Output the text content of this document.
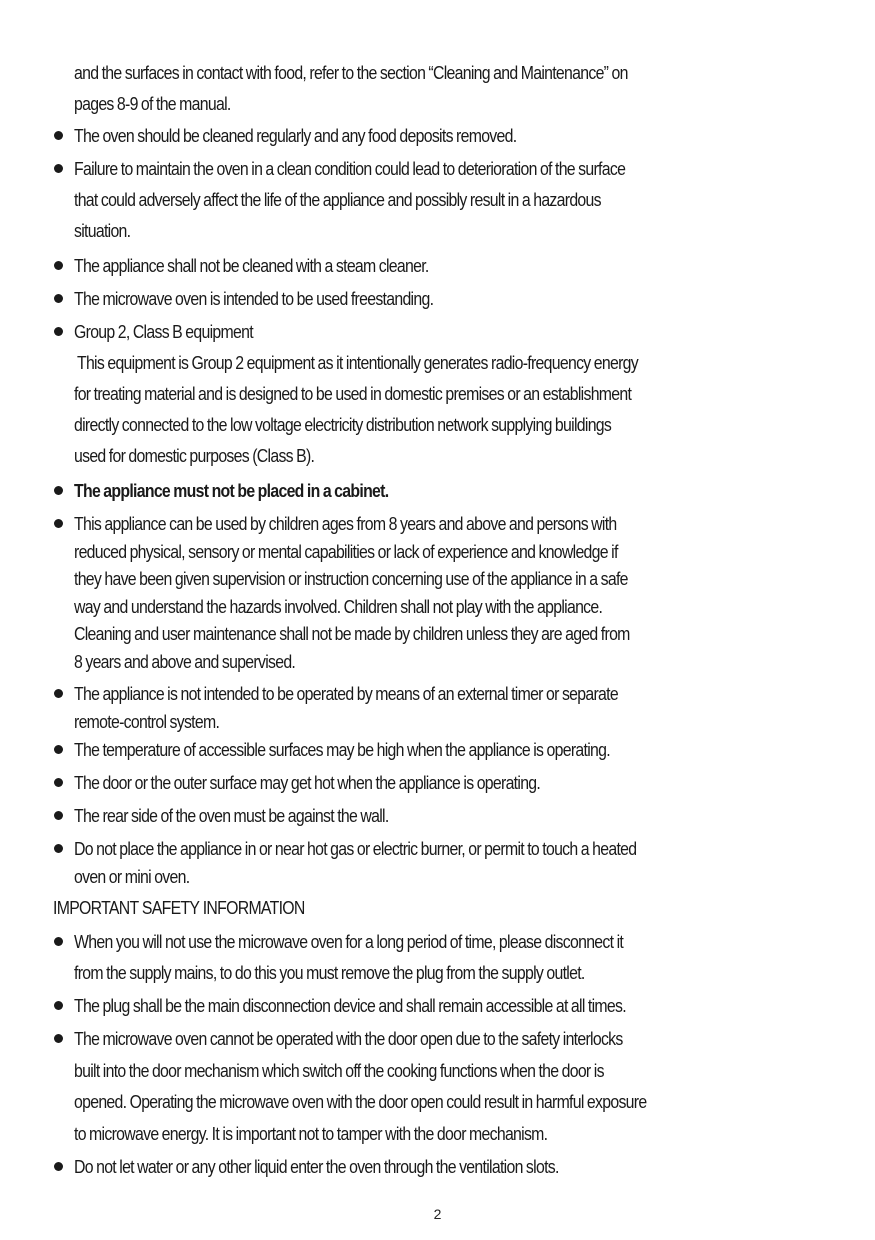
and the surfaces in contact with food, refer to the section “Cleaning and Maintenance” on
pages 8-9 of the manual.
The oven should be cleaned regularly and any food deposits removed.
Failure to maintain the oven in a clean condition could lead to deterioration of the surface
that could adversely affect the life of the appliance and possibly result in a hazardous
situation.
The appliance shall not be cleaned with a steam cleaner.
The microwave oven is intended to be used freestanding.
Group 2, Class B equipment
This equipment is Group 2 equipment as it intentionally generates radio-frequency energy
for treating material and is designed to be used in domestic premises or an establishment
directly connected to the low voltage electricity distribution network supplying buildings
used for domestic purposes (Class B).
The appliance must not be placed in a cabinet.
This appliance can be used by children ages from 8 years and above and persons with
reduced physical, sensory or mental capabilities or lack of experience and knowledge if
they have been given supervision or instruction concerning use of the appliance in a safe
way and understand the hazards involved. Children shall not play with the appliance.
Cleaning and user maintenance shall not be made by children unless they are aged from
8 years and above and supervised.
The appliance is not intended to be operated by means of an external timer or separate
remote-control system.
The temperature of accessible surfaces may be high when the appliance is operating.
The door or the outer surface may get hot when the appliance is operating.
The rear side of the oven must be against the wall.
Do not place the appliance in or near hot gas or electric burner, or permit to touch a heated
oven or mini oven.
IMPORTANT SAFETY INFORMATION
When you will not use the microwave oven for a long period of time, please disconnect it
from the supply mains, to do this you must remove the plug from the supply outlet.
The plug shall be the main disconnection device and shall remain accessible at all times.
The microwave oven cannot be operated with the door open due to the safety interlocks
built into the door mechanism which switch off the cooking functions when the door is
opened. Operating the microwave oven with the door open could result in harmful exposure
to microwave energy. It is important not to tamper with the door mechanism.
Do not let water or any other liquid enter the oven through the ventilation slots.
2
